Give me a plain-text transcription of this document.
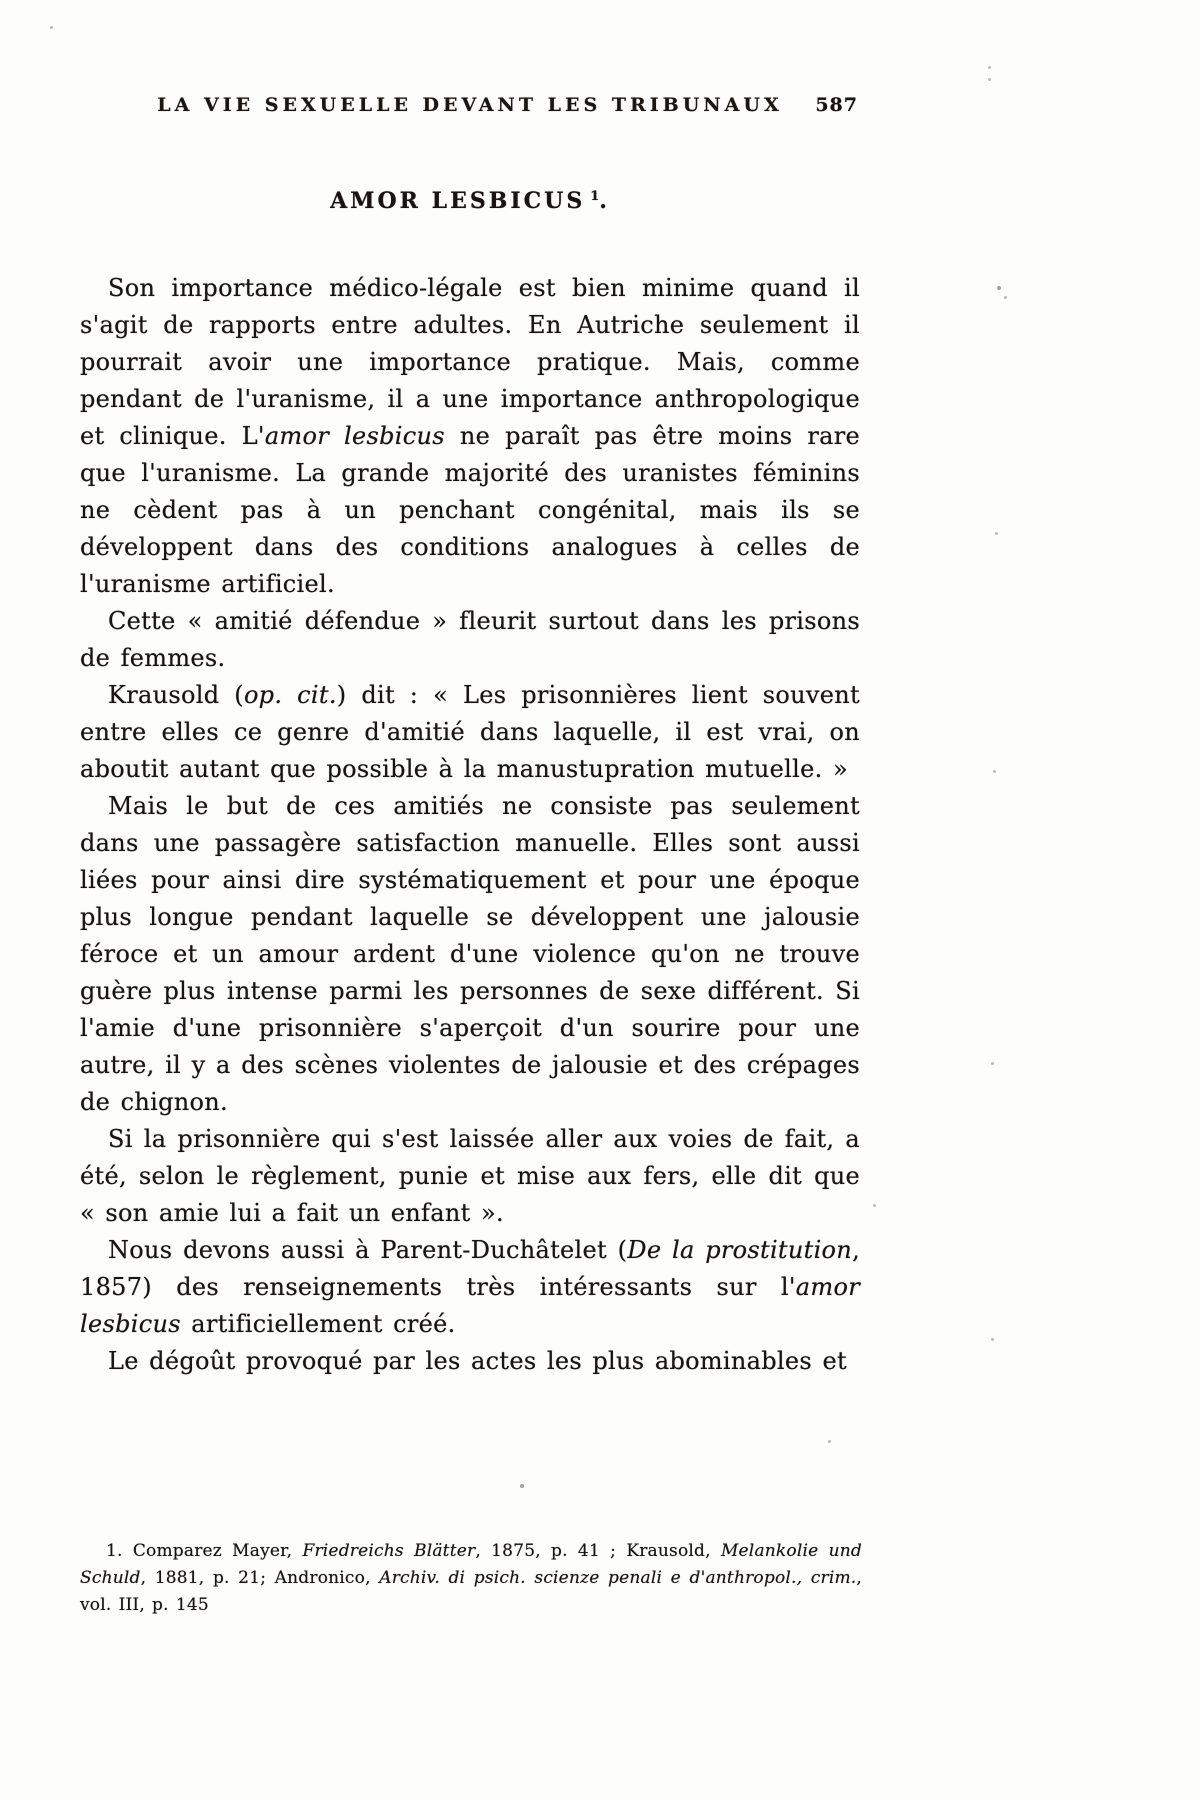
LA VIE SEXUELLE DEVANT LES TRIBUNAUX	587
AMOR LESBICUS $^1$.

Son importance médico-légale est bien minime quand il s'agit de rapports entre adultes. En Autriche seulement il pourrait avoir une importance pratique. Mais, comme pendant de l'uranisme, il a une importance anthropologique et clinique. L'amor lesbicus ne paraît pas être moins rare que l'uranisme. La grande majorité des uranistes féminins ne cèdent pas à un penchant congénital, mais ils se développent dans des conditions analogues à celles de l'uranisme artificiel.

Cette « amitié défendue » fleurit surtout dans les prisons de femmes.

Krausold (op. cit.) dit : « Les prisonnières lient souvent entre elles ce genre d'amitié dans laquelle, il est vrai, on aboutit autant que possible à la manustupration mutuelle. »

Mais le but de ces amitiés ne consiste pas seulement dans une passagère satisfaction manuelle. Elles sont aussi liées pour ainsi dire systématiquement et pour une époque plus longue pendant laquelle se développent une jalousie féroce et un amour ardent d'une violence qu'on ne trouve guère plus intense parmi les personnes de sexe différent. Si l'amie d'une prisonnière s'aperçoit d'un sourire pour une autre, il y a des scènes violentes de jalousie et des crépages de chignon.

Si la prisonnière qui s'est laissée aller aux voies de fait, a été, selon le règlement, punie et mise aux fers, elle dit que « son amie lui a fait un enfant ».

Nous devons aussi à Parent-Duchâtelet (De la prostitution, 1857) des renseignements très intéressants sur l'amor lesbicus artificiellement créé.

Le dégoût provoqué par les actes les plus abominables et

1. Comparez Mayer, Friedreichs Blätter, 1875, p. 41 ; Krausold, Melankolie und Schuld, 1881, p. 21; Andronico, Archiv. di psich. scienze penali e d'anthropol., crim., vol. III, p. 145
